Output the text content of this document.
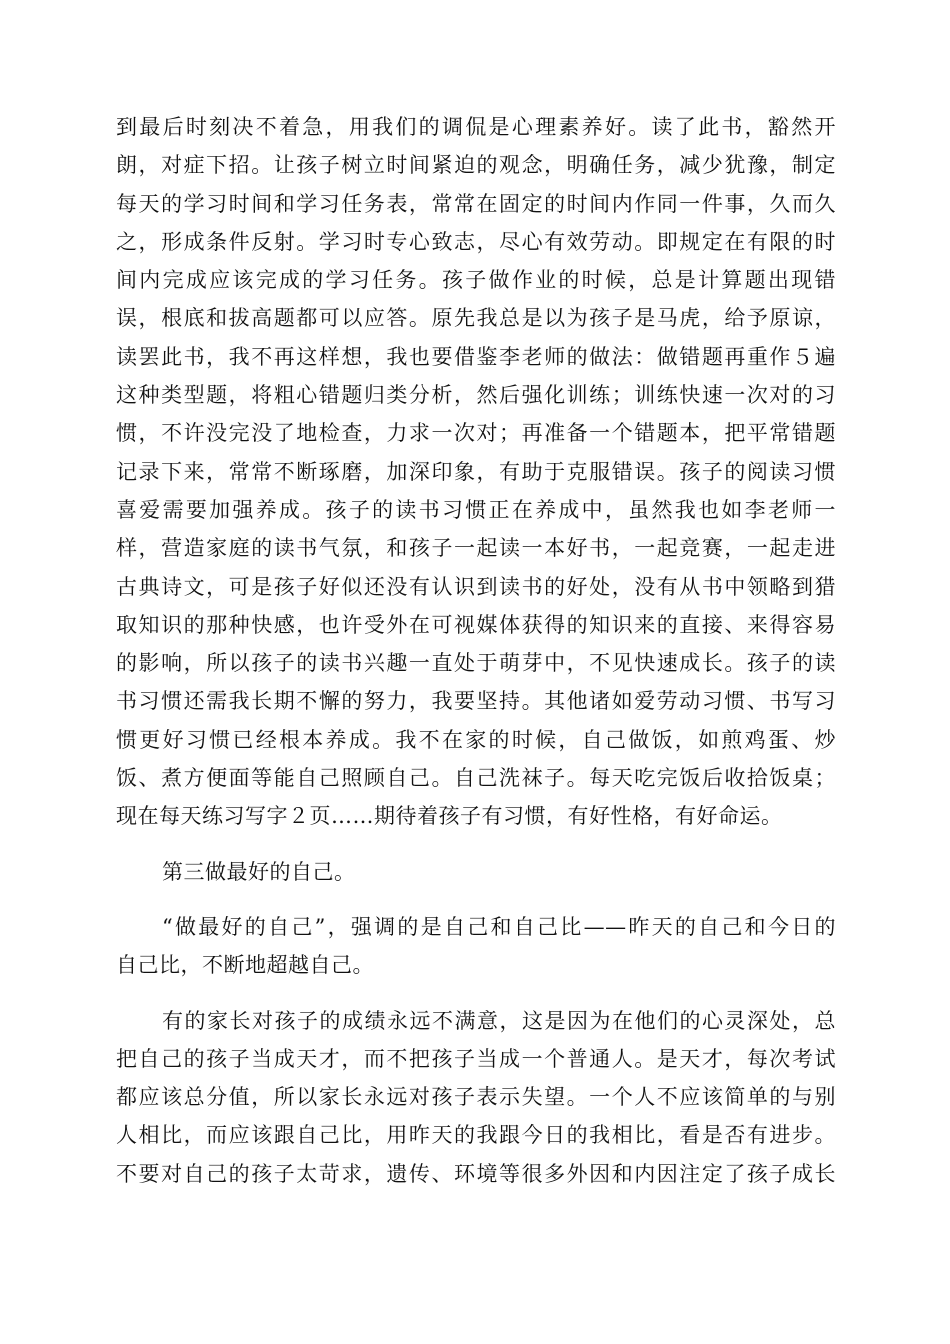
到最后时刻决不着急，用我们的调侃是心理素养好。读了此书，豁然开
朗，对症下招。让孩子树立时间紧迫的观念，明确任务，减少犹豫，制定
每天的学习时间和学习任务表，常常在固定的时间内作同一件事，久而久
之，形成条件反射。学习时专心致志，尽心有效劳动。即规定在有限的时
间内完成应该完成的学习任务。孩子做作业的时候，总是计算题出现错
误，根底和拔高题都可以应答。原先我总是以为孩子是马虎，给予原谅，
读罢此书，我不再这样想，我也要借鉴李老师的做法：做错题再重作５遍
这种类型题，将粗心错题归类分析，然后强化训练；训练快速一次对的习
惯，不许没完没了地检查，力求一次对；再准备一个错题本，把平常错题
记录下来，常常不断琢磨，加深印象，有助于克服错误。孩子的阅读习惯
喜爱需要加强养成。孩子的读书习惯正在养成中，虽然我也如李老师一
样，营造家庭的读书气氛，和孩子一起读一本好书，一起竞赛，一起走进
古典诗文，可是孩子好似还没有认识到读书的好处，没有从书中领略到猎
取知识的那种快感，也许受外在可视媒体获得的知识来的直接、来得容易
的影响，所以孩子的读书兴趣一直处于萌芽中，不见快速成长。孩子的读
书习惯还需我长期不懈的努力，我要坚持。其他诸如爱劳动习惯、书写习
惯更好习惯已经根本养成。我不在家的时候，自己做饭，如煎鸡蛋、炒
饭、煮方便面等能自己照顾自己。自己洗袜子。每天吃完饭后收拾饭桌；
现在每天练习写字２页……期待着孩子有习惯，有好性格，有好命运。
第三做最好的自己。
“做最好的自己”，强调的是自己和自己比——昨天的自己和今日的
自己比，不断地超越自己。
有的家长对孩子的成绩永远不满意，这是因为在他们的心灵深处，总
把自己的孩子当成天才，而不把孩子当成一个普通人。是天才，每次考试
都应该总分值，所以家长永远对孩子表示失望。一个人不应该简单的与别
人相比，而应该跟自己比，用昨天的我跟今日的我相比，看是否有进步。
不要对自己的孩子太苛求，遗传、环境等很多外因和内因注定了孩子成长
